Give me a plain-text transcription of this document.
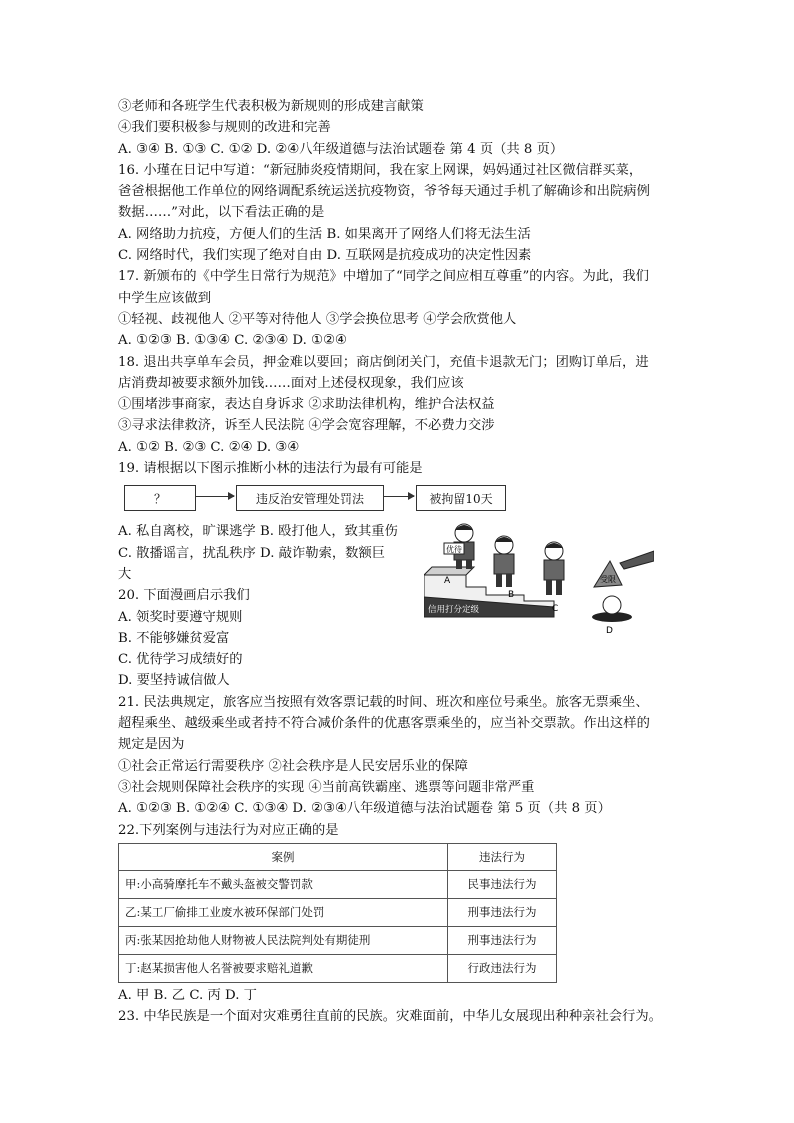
③老师和各班学生代表积极为新规则的形成建言献策

④我们要积极参与规则的改进和完善

A. ③④ B. ①③ C. ①② D. ②④八年级道德与法治试题卷 第 4 页（共 8 页）

16. 小瑾在日记中写道：“新冠肺炎疫情期间，我在家上网课，妈妈通过社区微信群买菜，

爸爸根据他工作单位的网络调配系统运送抗疫物资，爷爷每天通过手机了解确诊和出院病例

数据……”对此，以下看法正确的是

A. 网络助力抗疫，方便人们的生活 B. 如果离开了网络人们将无法生活

C. 网络时代，我们实现了绝对自由 D. 互联网是抗疫成功的决定性因素

17. 新颁布的《中学生日常行为规范》中增加了“同学之间应相互尊重”的内容。为此，我们

中学生应该做到

①轻视、歧视他人 ②平等对待他人 ③学会换位思考 ④学会欣赏他人

A. ①②③ B. ①③④ C. ②③④ D. ①②④

18. 退出共享单车会员，押金难以要回；商店倒闭关门，充值卡退款无门；团购订单后，进

店消费却被要求额外加钱……面对上述侵权现象，我们应该

①围堵涉事商家，表达自身诉求 ②求助法律机构，维护合法权益

③寻求法律救济，诉至人民法院 ④学会宽容理解，不必费力交涉

A. ①② B. ②③ C. ②④ D. ③④

19. 请根据以下图示推断小林的违法行为最有可能是

？	违反治安管理处罚法	被拘留10天

A. 私自离校，旷课逃学 B. 殴打他人，致其重伤

C. 散播谣言，扰乱秩序 D. 敲诈勒索，数额巨

大

20. 下面漫画启示我们

A. 领奖时要遵守规则

B. 不能够嫌贫爱富

C. 优待学习成绩好的

D. 要坚持诚信做人

信用打分定级
优待
A
B
C
受限
D

21. 民法典规定，旅客应当按照有效客票记载的时间、班次和座位号乘坐。旅客无票乘坐、

超程乘坐、越级乘坐或者持不符合减价条件的优惠客票乘坐的，应当补交票款。作出这样的

规定是因为

①社会正常运行需要秩序 ②社会秩序是人民安居乐业的保障

③社会规则保障社会秩序的实现 ④当前高铁霸座、逃票等问题非常严重

A. ①②③ B. ①②④ C. ①③④ D. ②③④八年级道德与法治试题卷 第 5 页（共 8 页）

22.下列案例与违法行为对应正确的是

案例	违法行为
甲:小高骑摩托车不戴头盔被交警罚款	民事违法行为
乙:某工厂偷排工业废水被环保部门处罚	刑事违法行为
丙:张某因抢劫他人财物被人民法院判处有期徒刑	刑事违法行为
丁:赵某损害他人名誉被要求赔礼道歉	行政违法行为

A. 甲 B. 乙 C. 丙 D. 丁

23. 中华民族是一个面对灾难勇往直前的民族。灾难面前，中华儿女展现出种种亲社会行为。
